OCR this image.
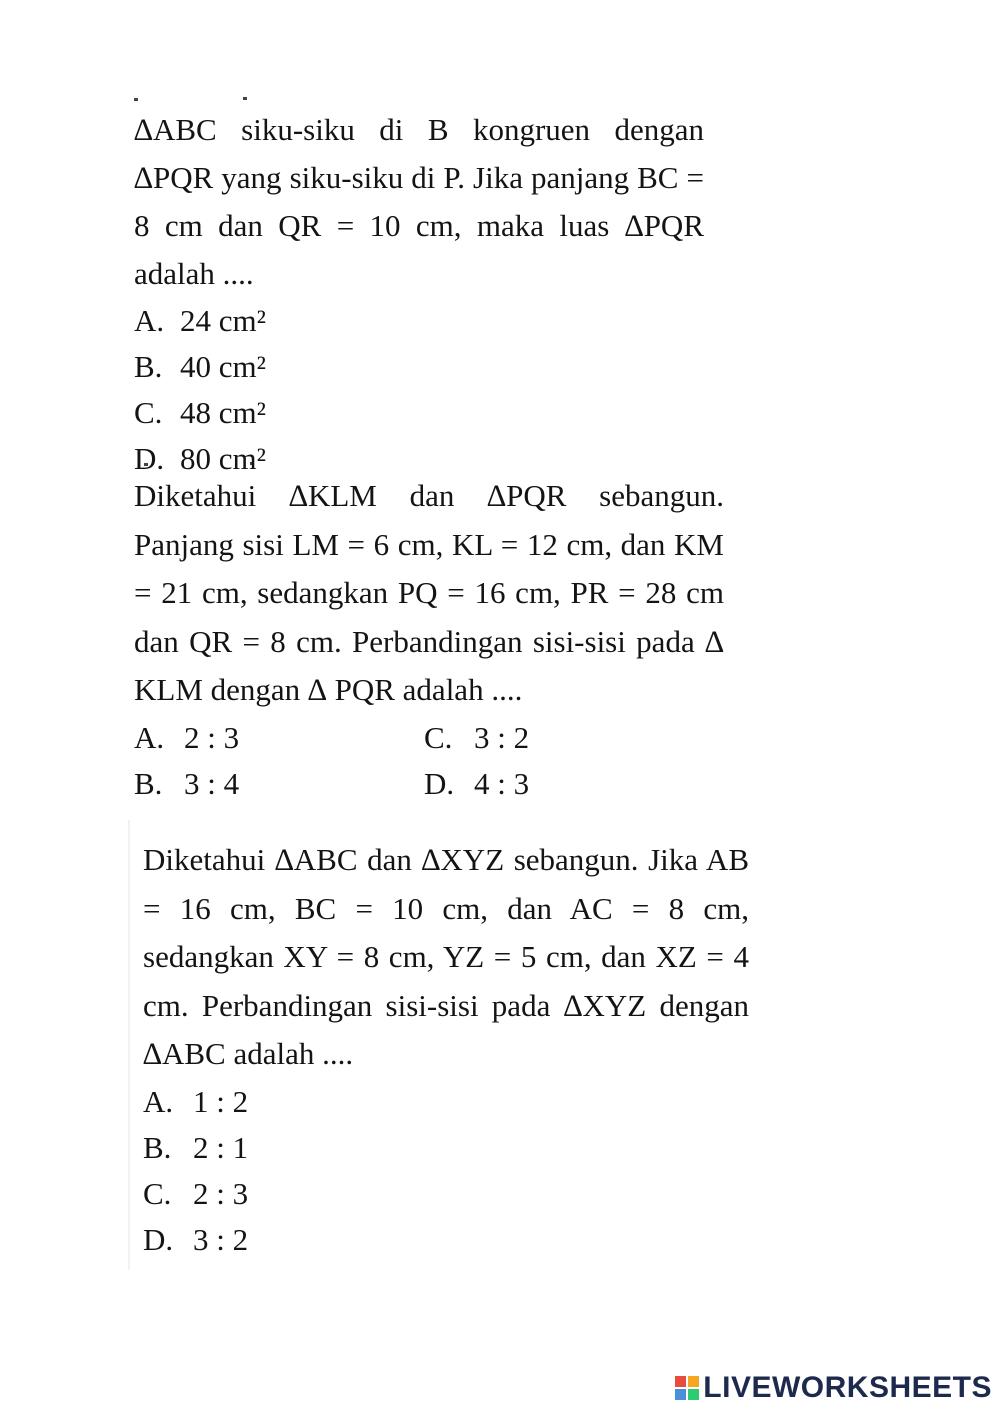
∆ABC siku-siku di B kongruen dengan ∆PQR yang siku-siku di P. Jika panjang BC = 8 cm dan QR = 10 cm, maka luas ∆PQR adalah ....

A. 24 cm²
B. 40 cm²
C. 48 cm²
D. 80 cm²

Diketahui ∆KLM dan ∆PQR sebangun. Panjang sisi LM = 6 cm, KL = 12 cm, dan KM = 21 cm, sedangkan PQ = 16 cm, PR = 28 cm dan QR = 8 cm. Perbandingan sisi-sisi pada ∆ KLM dengan ∆ PQR adalah ....

A. 2 : 3	C. 3 : 2
B. 3 : 4	D. 4 : 3

Diketahui ∆ABC dan ∆XYZ sebangun. Jika AB = 16 cm, BC = 10 cm, dan AC = 8 cm, sedangkan XY = 8 cm, YZ = 5 cm, dan XZ = 4 cm. Perbandingan sisi-sisi pada ∆XYZ dengan ∆ABC adalah ....

A. 1 : 2
B. 2 : 1
C. 2 : 3
D. 3 : 2
LIVEWORKSHEETS
